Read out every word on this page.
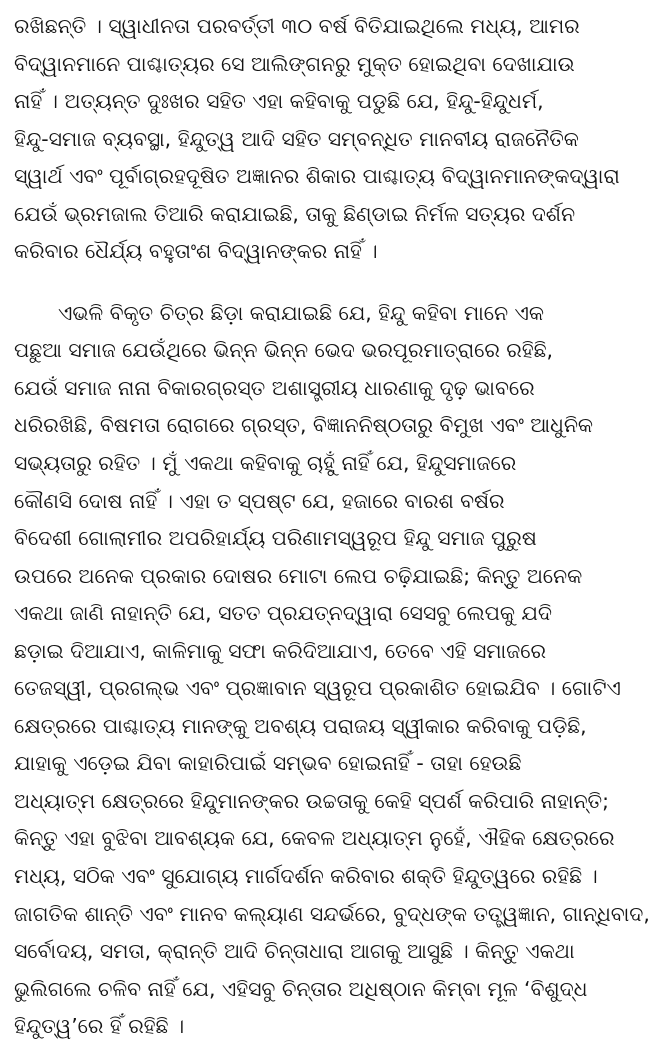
ରଖିଛନ୍ତି । ସ୍ୱାଧୀନତା ପରବର୍ତ୍ତୀ ୩୦ ବର୍ଷ ବିତିଯାଇଥିଲେ ମଧ୍ୟ, ଆମର
ବିଦ୍ୱାନମାନେ ପାଶ୍ଚାତ୍ୟର ସେ ଆଲିଙ୍ଗନରୁ ମୁକ୍ତ ହୋଇଥିବା ଦେଖାଯାଉ
ନାହିଁ । ଅତ୍ୟନ୍ତ ଦୁଃଖର ସହିତ ଏହା କହିବାକୁ ପଡୁଛି ଯେ, ହିନ୍ଦୁ-ହିନ୍ଦୁଧର୍ମ,
ହିନ୍ଦୁ-ସମାଜ ବ୍ୟବସ୍ଥା, ହିନ୍ଦୁତ୍ୱ ଆଦି ସହିତ ସମ୍ବନ୍ଧିତ ମାନବୀୟ ରାଜନୈତିକ
ସ୍ୱାର୍ଥ ଏବଂ ପୂର୍ବାଗ୍ରହଦୂଷିତ ଅଜ୍ଞାନର ଶିକାର ପାଶ୍ଚାତ୍ୟ ବିଦ୍ୱାନମାନଙ୍କଦ୍ୱାରା
ଯେଉଁ ଭ୍ରମଜାଲ ତିଆରି କରାଯାଇଛି, ତାକୁ ଛିଣ୍ଡାଇ ନିର୍ମଳ ସତ୍ୟର ଦର୍ଶନ
କରିବାର ଧୈର୍ଯ୍ୟ ବହୁତାଂଶ ବିଦ୍ୱାନଙ୍କର ନାହିଁ ।
ଏଭଳି ବିକୃତ ଚିତ୍ର ଛିଡ଼ା କରାଯାଇଛି ଯେ, ହିନ୍ଦୁ କହିବା ମାନେ ଏକ
ପଛୁଆ ସମାଜ ଯେଉଁଥିରେ ଭିନ୍ନ ଭିନ୍ନ ଭେଦ ଭରପୂରମାତ୍ରାରେ ରହିଛି,
ଯେଉଁ ସମାଜ ନାନା ବିକାରଗ୍ରସ୍ତ ଅଶାସ୍ତ୍ରୀୟ ଧାରଣାକୁ ଦୃଢ଼ ଭାବରେ
ଧରିରଖିଛି, ବିଷମତା ରୋଗରେ ଗ୍ରସ୍ତ, ବିଜ୍ଞାନନିଷ୍ଠତାରୁ ବିମୁଖ ଏବଂ ଆଧୁନିକ
ସଭ୍ୟତାରୁ ରହିତ । ମୁଁ ଏକଥା କହିବାକୁ ଚାହୁଁ ନାହିଁ ଯେ, ହିନ୍ଦୁସମାଜରେ
କୌଣସି ଦୋଷ ନାହିଁ । ଏହା ତ ସ୍ପଷ୍ଟ ଯେ, ହଜାରେ ବାରଶ ବର୍ଷର
ବିଦେଶୀ ଗୋଲାମୀର ଅପରିହାର୍ଯ୍ୟ ପରିଣାମସ୍ୱରୂପ ହିନ୍ଦୁ ସମାଜ ପୁରୁଷ
ଉପରେ ଅନେକ ପ୍ରକାର ଦୋଷର ମୋଟା ଲେପ ଚଢ଼ିଯାଇଛି; କିନ୍ତୁ ଅନେକ
ଏକଥା ଜାଣି ନାହାନ୍ତି ଯେ, ସତତ ପ୍ରଯତ୍ନଦ୍ୱାରା ସେସବୁ ଲେପକୁ ଯଦି
ଛଡ଼ାଇ ଦିଆଯାଏ, କାଳିମାକୁ ସଫା କରିଦିଆଯାଏ, ତେବେ ଏହି ସମାଜରେ
ତେଜସ୍ୱୀ, ପ୍ରଗଲ୍ଭ ଏବଂ ପ୍ରଜ୍ଞାବାନ ସ୍ୱରୂପ ପ୍ରକାଶିତ ହୋଇଯିବ । ଗୋଟିଏ
କ୍ଷେତ୍ରରେ ପାଶ୍ଚାତ୍ୟ ମାନଙ୍କୁ ଅବଶ୍ୟ ପରାଜୟ ସ୍ୱୀକାର କରିବାକୁ ପଡ଼ିଛି,
ଯାହାକୁ ଏଡ଼େଇ ଯିବା କାହାରିପାଇଁ ସମ୍ଭବ ହୋଇନାହିଁ - ତାହା ହେଉଛି
ଅଧ୍ୟାତ୍ମ କ୍ଷେତ୍ରରେ ହିନ୍ଦୁମାନଙ୍କର ଉଚ୍ଚତାକୁ କେହି ସ୍ପର୍ଶ କରିପାରି ନାହାନ୍ତି;
କିନ୍ତୁ ଏହା ବୁଝିବା ଆବଶ୍ୟକ ଯେ, କେବଳ ଅଧ୍ୟାତ୍ମ ନୁହେଁ, ଐହିକ କ୍ଷେତ୍ରରେ
ମଧ୍ୟ, ସଠିକ ଏବଂ ସୁଯୋଗ୍ୟ ମାର୍ଗଦର୍ଶନ କରିବାର ଶକ୍ତି ହିନ୍ଦୁତ୍ୱରେ ରହିଛି ।
ଜାଗତିକ ଶାନ୍ତି ଏବଂ ମାନବ କଲ୍ୟାଣ ସନ୍ଦର୍ଭରେ, ବୁଦ୍ଧଙ୍କ ତତ୍ତ୍ୱଜ୍ଞାନ, ଗାନ୍ଧିବାଦ,
ସର୍ବୋଦୟ, ସମତା, କ୍ରାନ୍ତି ଆଦି ଚିନ୍ତାଧାରା ଆଗକୁ ଆସୁଛି । କିନ୍ତୁ ଏକଥା
ଭୁଲିଗଲେ ଚଳିବ ନାହିଁ ଯେ, ଏହିସବୁ ଚିନ୍ତାର ଅଧିଷ୍ଠାନ କିମ୍ବା ମୂଳ ‘ବିଶୁଦ୍ଧ
ହିନ୍ଦୁତ୍ୱ’ରେ ହିଁ ରହିଛି ।
